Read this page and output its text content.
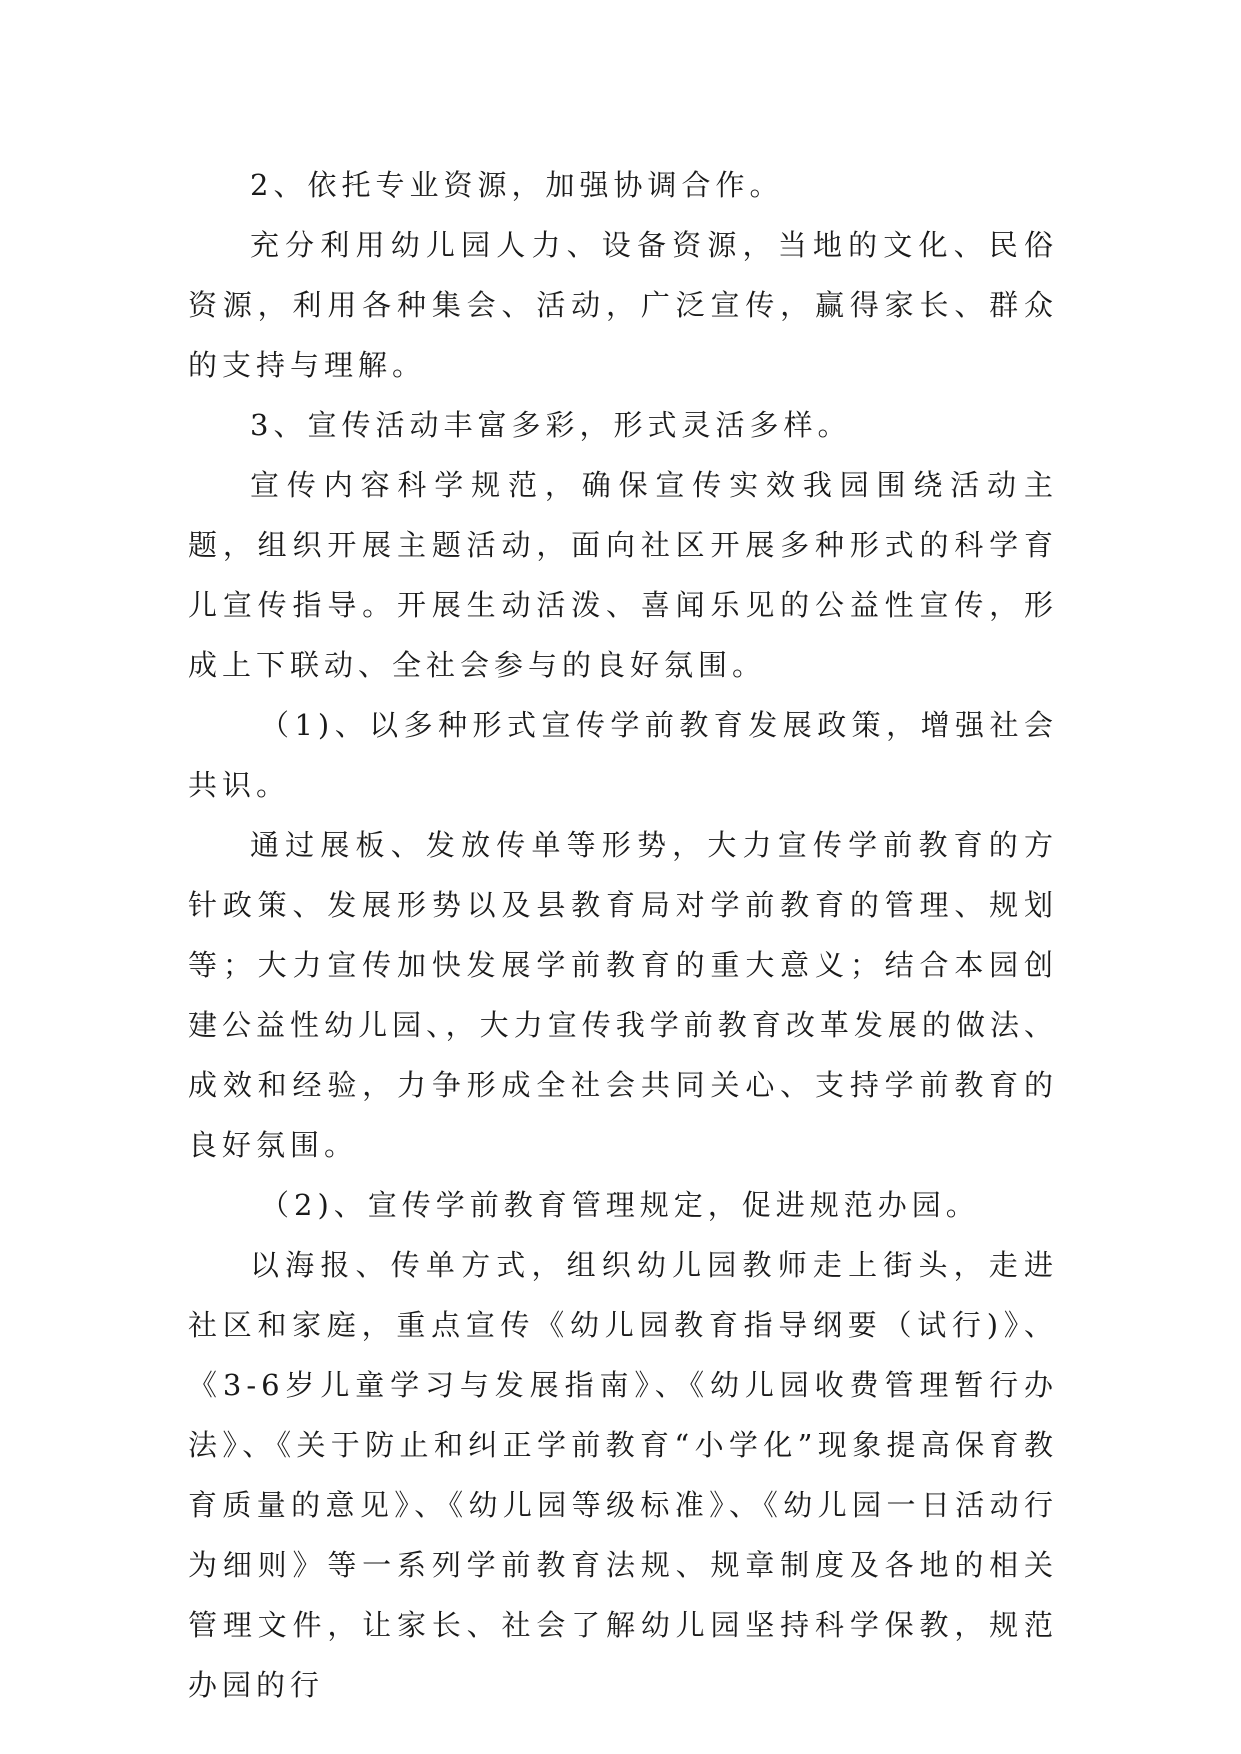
2、依托专业资源，加强协调合作。

充分利用幼儿园人力、设备资源，当地的文化、民俗资源，利用各种集会、活动，广泛宣传，赢得家长、群众的支持与理解。

3、宣传活动丰富多彩，形式灵活多样。

宣传内容科学规范，确保宣传实效我园围绕活动主题，组织开展主题活动，面向社区开展多种形式的科学育儿宣传指导。开展生动活泼、喜闻乐见的公益性宣传，形成上下联动、全社会参与的良好氛围。

（1)、以多种形式宣传学前教育发展政策，增强社会共识。

通过展板、发放传单等形势，大力宣传学前教育的方针政策、发展形势以及县教育局对学前教育的管理、规划等；大力宣传加快发展学前教育的重大意义；结合本园创建公益性幼儿园、，大力宣传我学前教育改革发展的做法、成效和经验，力争形成全社会共同关心、支持学前教育的良好氛围。

（2)、宣传学前教育管理规定，促进规范办园。

以海报、传单方式，组织幼儿园教师走上街头，走进社区和家庭，重点宣传《幼儿园教育指导纲要（试行)》、《3-6岁儿童学习与发展指南》、《幼儿园收费管理暂行办法》、《关于防止和纠正学前教育“小学化”现象提高保育教育质量的意见》、《幼儿园等级标准》、《幼儿园一日活动行为细则》等一系列学前教育法规、规章制度及各地的相关管理文件，让家长、社会了解幼儿园坚持科学保教，规范办园的行
